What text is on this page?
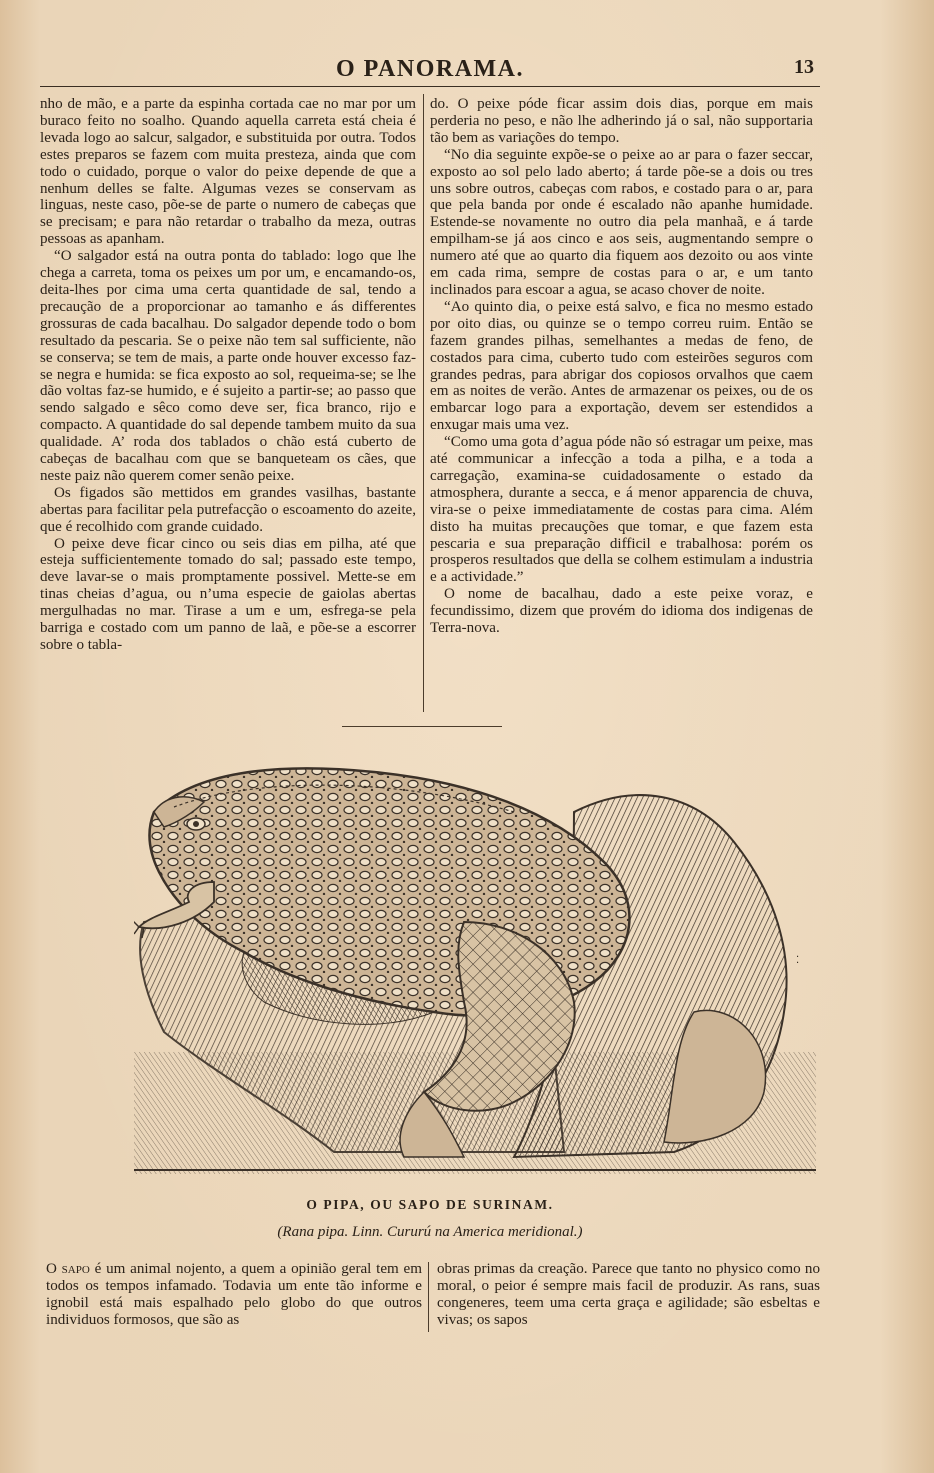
O PANORAMA.	13

nho de mão, e a parte da espinha cortada cae no mar por um buraco feito no soalho. Quando aquella carreta está cheia é levada logo ao salcur, salgador, e substituida por outra. Todos estes preparos se fazem com muita presteza, ainda que com todo o cuidado, porque o valor do peixe depende de que a nenhum delles se falte. Algumas vezes se conservam as linguas, neste caso, põe-se de parte o numero de cabeças que se precisam; e para não retardar o trabalho da meza, outras pessoas as apanham.

“O salgador está na outra ponta do tablado: logo que lhe chega a carreta, toma os peixes um por um, e encamando-os, deita-lhes por cima uma certa quantidade de sal, tendo a precaução de a proporcionar ao tamanho e ás differentes grossuras de cada bacalhau. Do salgador depende todo o bom resultado da pescaria. Se o peixe não tem sal sufficiente, não se conserva; se tem de mais, a parte onde houver excesso faz-se negra e humida: se fica exposto ao sol, requeima-se; se lhe dão voltas faz-se humido, e é sujeito a partir-se; ao passo que sendo salgado e sêco como deve ser, fica branco, rijo e compacto. A quantidade do sal depende tambem muito da sua qualidade. A’ roda dos tablados o chão está cuberto de cabeças de bacalhau com que se banqueteam os cães, que neste paiz não querem comer senão peixe.

Os figados são mettidos em grandes vasilhas, bastante abertas para facilitar pela putrefacção o escoamento do azeite, que é recolhido com grande cuidado.

O peixe deve ficar cinco ou seis dias em pilha, até que esteja sufficientemente tomado do sal; passado este tempo, deve lavar-se o mais promptamente possivel. Mette-se em tinas cheias d’agua, ou n’uma especie de gaiolas abertas mergulhadas no mar. Tirase a um e um, esfrega-se pela barriga e costado com um panno de laã, e põe-se a escorrer sobre o tabla-

do. O peixe póde ficar assim dois dias, porque em mais perderia no peso, e não lhe adherindo já o sal, não supportaria tão bem as variações do tempo.

“No dia seguinte expõe-se o peixe ao ar para o fazer seccar, exposto ao sol pelo lado aberto; á tarde põe-se a dois ou tres uns sobre outros, cabeças com rabos, e costado para o ar, para que pela banda por onde é escalado não apanhe humidade. Estende-se novamente no outro dia pela manhaã, e á tarde empilham-se já aos cinco e aos seis, augmentando sempre o numero até que ao quarto dia fiquem aos dezoito ou aos vinte em cada rima, sempre de costas para o ar, e um tanto inclinados para escoar a agua, se acaso chover de noite.

“Ao quinto dia, o peixe está salvo, e fica no mesmo estado por oito dias, ou quinze se o tempo correu ruim. Então se fazem grandes pilhas, semelhantes a medas de feno, de costados para cima, cuberto tudo com esteirões seguros com grandes pedras, para abrigar dos copiosos orvalhos que caem em as noites de verão. Antes de armazenar os peixes, ou de os embarcar logo para a exportação, devem ser estendidos a enxugar mais uma vez.

“Como uma gota d’agua póde não só estragar um peixe, mas até communicar a infecção a toda a pilha, e a toda a carregação, examina-se cuidadosamente o estado da atmosphera, durante a secca, e á menor apparencia de chuva, vira-se o peixe immediatamente de costas para cima. Além disto ha muitas precauções que tomar, e que fazem esta pescaria e sua preparação difficil e trabalhosa: porém os prosperos resultados que della se colhem estimulam a industria e a actividade.”

O nome de bacalhau, dado a este peixe voraz, e fecundissimo, dizem que provém do idioma dos indigenas de Terra-nova.

⁚
O PIPA, OU SAPO DE SURINAM.
(Rana pipa. Linn. Cururú na America meridional.)

O sapo é um animal nojento, a quem a opinião geral tem em todos os tempos infamado. Todavia um ente tão informe e ignobil está mais espalhado pelo globo do que outros individuos formosos, que são as

obras primas da creação. Parece que tanto no physico como no moral, o peior é sempre mais facil de produzir. As rans, suas congeneres, teem uma certa graça e agilidade; são esbeltas e vivas; os sapos
